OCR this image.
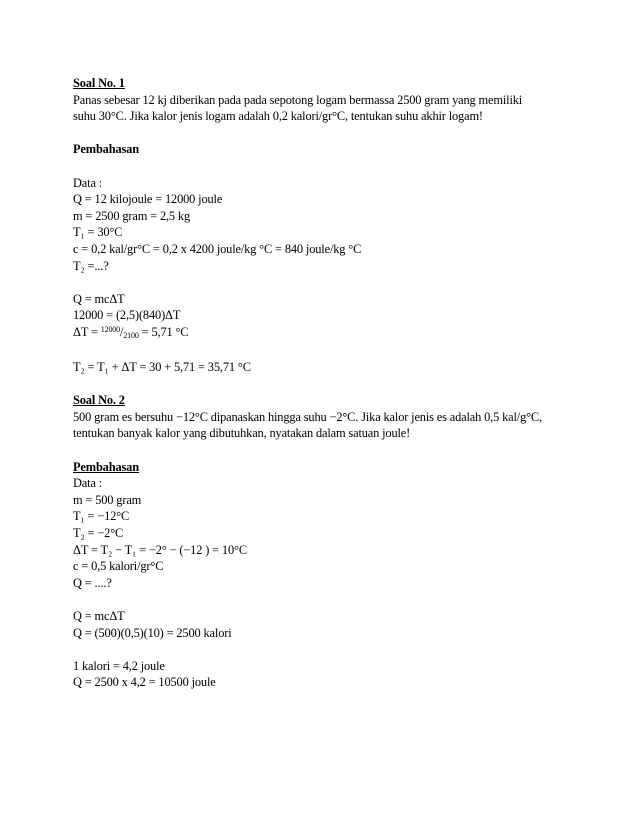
Soal No. 1
Panas sebesar 12 kj diberikan pada pada sepotong logam bermassa 2500 gram yang memiliki
suhu 30°C. Jika kalor jenis logam adalah 0,2 kalori/gr°C, tentukan suhu akhir logam!
Pembahasan
Data :
Q = 12 kilojoule = 12000 joule
m = 2500 gram = 2,5 kg
T₁ = 30°C
c = 0,2 kal/gr°C = 0,2 x 4200 joule/kg °C = 840 joule/kg °C
T₂ =...?
Q = mcΔT
12000 = (2,5)(840)ΔT
ΔT = $^{12000}$/2100 = 5,71 °C
T₂ = T₁ + ΔT = 30 + 5,71 = 35,71 °C
Soal No. 2
500 gram es bersuhu −12°C dipanaskan hingga suhu −2°C. Jika kalor jenis es adalah 0,5 kal/g°C,
tentukan banyak kalor yang dibutuhkan, nyatakan dalam satuan joule!
Pembahasan
Data :
m = 500 gram
T₁ = −12°C
T₂ = −2°C
ΔT = T₂ − T₁ = −2° − (−12 ) = 10°C
c = 0,5 kalori/gr°C
Q = ....?
Q = mcΔT
Q = (500)(0,5)(10) = 2500 kalori
1 kalori = 4,2 joule
Q = 2500 x 4,2 = 10500 joule
